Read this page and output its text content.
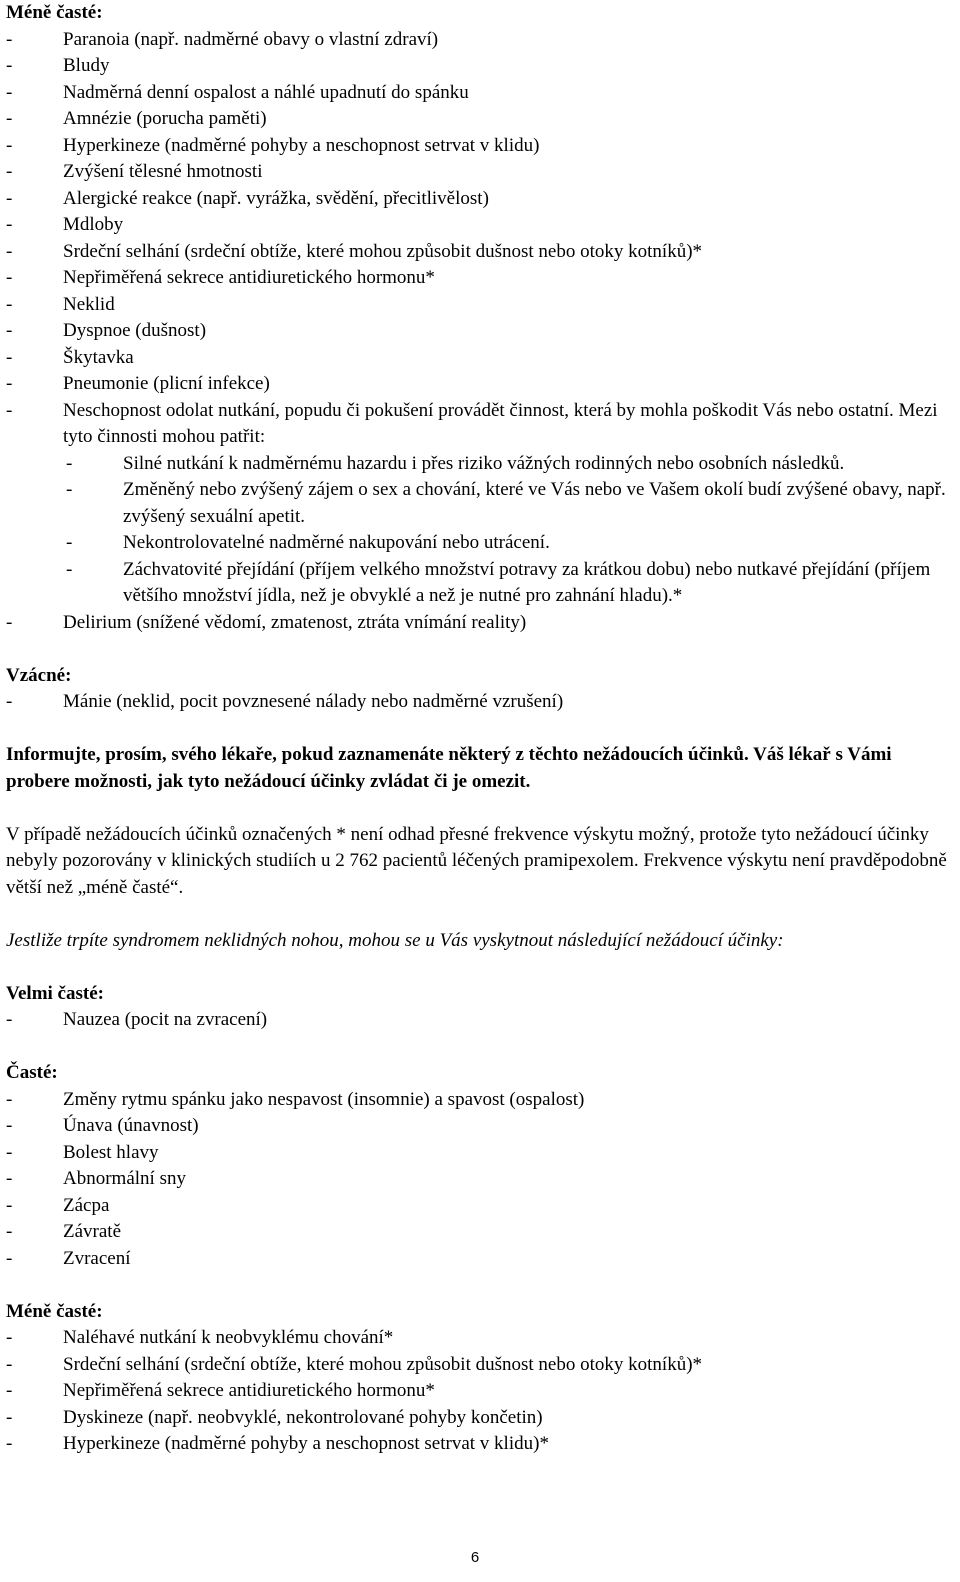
Méně časté:
- Paranoia (např. nadměrné obavy o vlastní zdraví)
- Bludy
- Nadměrná denní ospalost a náhlé upadnutí do spánku
- Amnézie (porucha paměti)
- Hyperkineze (nadměrné pohyby a neschopnost setrvat v klidu)
- Zvýšení tělesné hmotnosti
- Alergické reakce (např. vyrážka, svědění, přecitlivělost)
- Mdloby
- Srdeční selhání (srdeční obtíže, které mohou způsobit dušnost nebo otoky kotníků)*
- Nepřiměřená sekrece antidiuretického hormonu*
- Neklid
- Dyspnoe (dušnost)
- Škytavka
- Pneumonie (plicní infekce)
-	Neschopnost odolat nutkání, popudu či pokušení provádět činnost, která by mohla poškodit Vás nebo ostatní. Mezi tyto činnosti mohou patřit:
- Silné nutkání k nadměrnému hazardu i přes riziko vážných rodinných nebo osobních následků.
- Změněný nebo zvýšený zájem o sex a chování, které ve Vás nebo ve Vašem okolí budí zvýšené obavy, např. zvýšený sexuální apetit.
- Nekontrolovatelné nadměrné nakupování nebo utrácení.
- Záchvatovité přejídání (příjem velkého množství potravy za krátkou dobu) nebo nutkavé přejídání (příjem většího množství jídla, než je obvyklé a než je nutné pro zahnání hladu).*
- Delirium (snížené vědomí, zmatenost, ztráta vnímání reality)
Vzácné:
- Mánie (neklid, pocit povznesené nálady nebo nadměrné vzrušení)

Informujte, prosím, svého lékaře, pokud zaznamenáte některý z těchto nežádoucích účinků. Váš lékař s Vámi probere možnosti, jak tyto nežádoucí účinky zvládat či je omezit.

V případě nežádoucích účinků označených * není odhad přesné frekvence výskytu možný, protože tyto nežádoucí účinky nebyly pozorovány v klinických studiích u 2 762 pacientů léčených pramipexolem. Frekvence výskytu není pravděpodobně větší než „méně časté“.

Jestliže trpíte syndromem neklidných nohou, mohou se u Vás vyskytnout následující nežádoucí účinky:

Velmi časté:
- Nauzea (pocit na zvracení)
Časté:
- Změny rytmu spánku jako nespavost (insomnie) a spavost (ospalost)
- Únava (únavnost)
- Bolest hlavy
- Abnormální sny
- Zácpa
- Závratě
- Zvracení
Méně časté:
- Naléhavé nutkání k neobvyklému chování*
- Srdeční selhání (srdeční obtíže, které mohou způsobit dušnost nebo otoky kotníků)*
- Nepřiměřená sekrece antidiuretického hormonu*
- Dyskineze (např. neobvyklé, nekontrolované pohyby končetin)
- Hyperkineze (nadměrné pohyby a neschopnost setrvat v klidu)*
6
